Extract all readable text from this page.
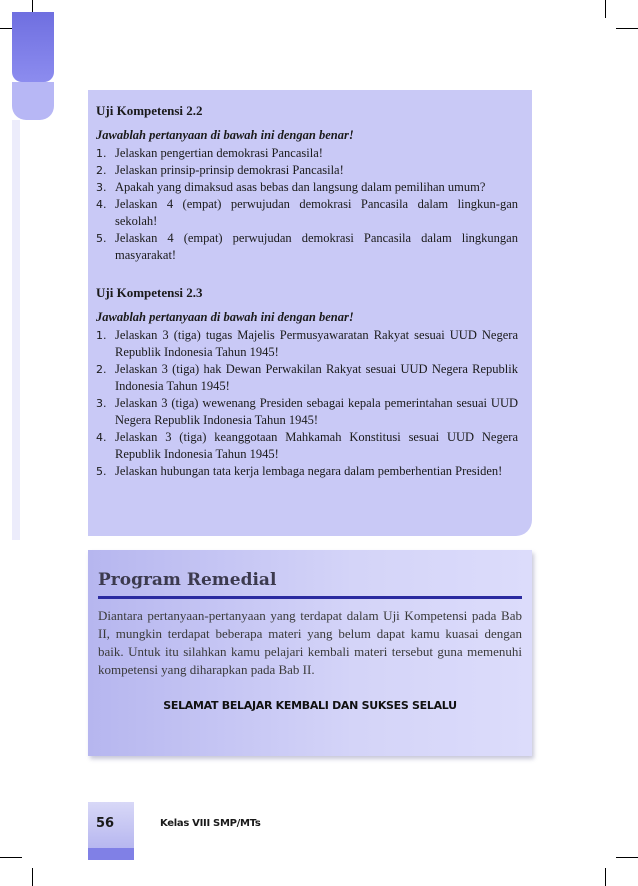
Uji Kompetensi 2.2
Jawablah pertanyaan di bawah ini dengan benar!
1. Jelaskan pengertian demokrasi Pancasila!
2. Jelaskan prinsip-prinsip demokrasi Pancasila!
3. Apakah yang dimaksud asas bebas dan langsung dalam pemilihan umum?
4. Jelaskan 4 (empat) perwujudan demokrasi Pancasila dalam lingkun-gan sekolah!
5. Jelaskan 4 (empat) perwujudan demokrasi Pancasila dalam lingkungan masyarakat!
Uji Kompetensi 2.3
Jawablah pertanyaan di bawah ini dengan benar!
1. Jelaskan 3 (tiga) tugas Majelis Permusyawaratan Rakyat sesuai UUD Negera Republik Indonesia Tahun 1945!
2. Jelaskan 3 (tiga) hak Dewan Perwakilan Rakyat sesuai UUD Negera Republik Indonesia Tahun 1945!
3. Jelaskan 3 (tiga) wewenang Presiden sebagai kepala pemerintahan sesuai UUD Negera Republik Indonesia Tahun 1945!
4. Jelaskan 3 (tiga) keanggotaan Mahkamah Konstitusi sesuai UUD Negera Republik Indonesia Tahun 1945!
5. Jelaskan hubungan tata kerja lembaga negara dalam pemberhentian Presiden!
Program Remedial

Diantara pertanyaan-pertanyaan yang terdapat dalam Uji Kompetensi pada Bab II, mungkin terdapat beberapa materi yang belum dapat kamu kuasai dengan baik. Untuk itu silahkan kamu pelajari kembali materi tersebut guna memenuhi kompetensi yang diharapkan pada Bab II.

SELAMAT BELAJAR KEMBALI DAN SUKSES SELALU
56	Kelas VIII SMP/MTs
